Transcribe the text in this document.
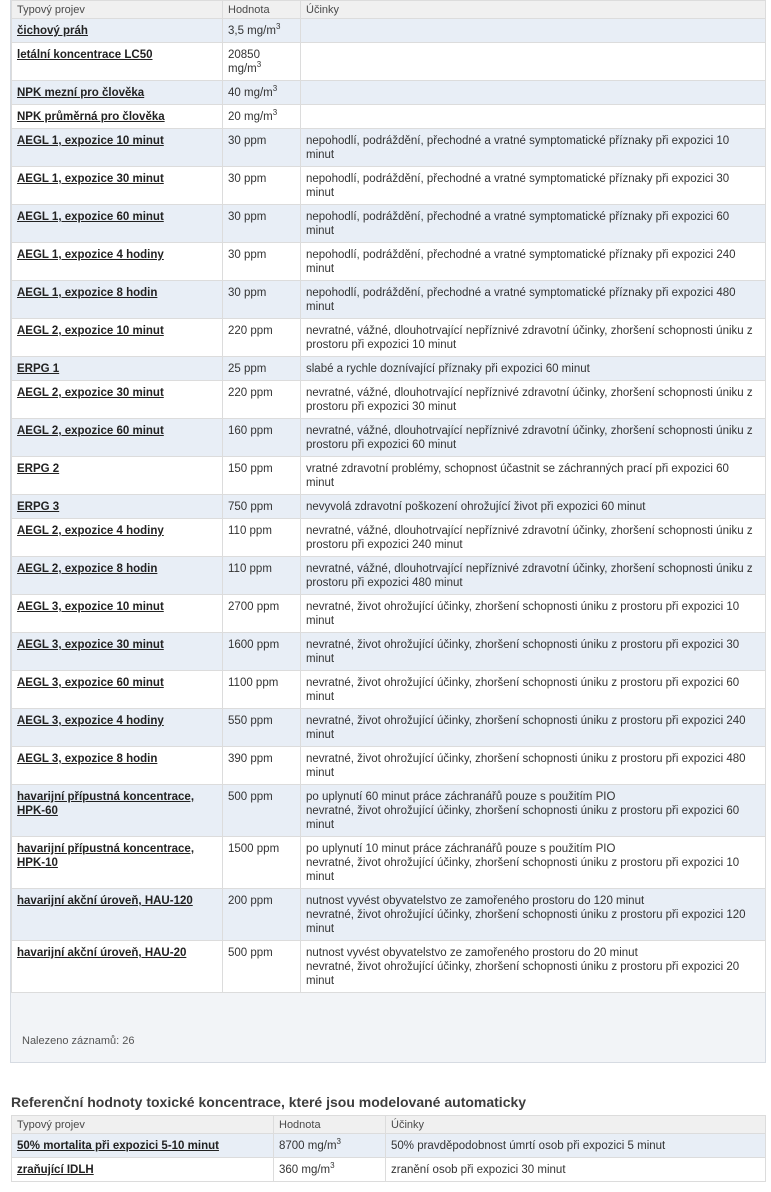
Typový projev	Hodnota	Účinky
čichový práh	3,5 $mg/m^3$	
letální koncentrace LC50	20850 $mg/m^3$	
NPK mezní pro člověka	40 $mg/m^3$	
NPK průměrná pro člověka	20 $mg/m^3$	
AEGL 1, expozice 10 minut	30 ppm	nepohodlí, podráždění, přechodné a vratné symptomatické příznaky při expozici 10 minut

AEGL 1, expozice 30 minut	30 ppm	nepohodlí, podráždění, přechodné a vratné symptomatické příznaky při expozici 30 minut

AEGL 1, expozice 60 minut	30 ppm	nepohodlí, podráždění, přechodné a vratné symptomatické příznaky při expozici 60 minut

AEGL 1, expozice 4 hodiny	30 ppm	nepohodlí, podráždění, přechodné a vratné symptomatické příznaky při expozici 240 minut

AEGL 1, expozice 8 hodin	30 ppm	nepohodlí, podráždění, přechodné a vratné symptomatické příznaky při expozici 480 minut

AEGL 2, expozice 10 minut	220 ppm	nevratné, vážné, dlouhotrvající nepříznivé zdravotní účinky, zhoršení schopnosti úniku z prostoru při expozici 10 minut

ERPG 1	25 ppm	slabé a rychle doznívající příznaky při expozici 60 minut

AEGL 2, expozice 30 minut	220 ppm	nevratné, vážné, dlouhotrvající nepříznivé zdravotní účinky, zhoršení schopnosti úniku z prostoru při expozici 30 minut

AEGL 2, expozice 60 minut	160 ppm	nevratné, vážné, dlouhotrvající nepříznivé zdravotní účinky, zhoršení schopnosti úniku z prostoru při expozici 60 minut

ERPG 2	150 ppm	vratné zdravotní problémy, schopnost účastnit se záchranných prací při expozici 60 minut

ERPG 3	750 ppm	nevyvolá zdravotní poškození ohrožující život při expozici 60 minut

AEGL 2, expozice 4 hodiny	110 ppm	nevratné, vážné, dlouhotrvající nepříznivé zdravotní účinky, zhoršení schopnosti úniku z prostoru při expozici 240 minut

AEGL 2, expozice 8 hodin	110 ppm	nevratné, vážné, dlouhotrvající nepříznivé zdravotní účinky, zhoršení schopnosti úniku z prostoru při expozici 480 minut

AEGL 3, expozice 10 minut	2700 ppm	nevratné, život ohrožující účinky, zhoršení schopnosti úniku z prostoru při expozici 10 minut

AEGL 3, expozice 30 minut	1600 ppm	nevratné, život ohrožující účinky, zhoršení schopnosti úniku z prostoru při expozici 30 minut

AEGL 3, expozice 60 minut	1100 ppm	nevratné, život ohrožující účinky, zhoršení schopnosti úniku z prostoru při expozici 60 minut

AEGL 3, expozice 4 hodiny	550 ppm	nevratné, život ohrožující účinky, zhoršení schopnosti úniku z prostoru při expozici 240 minut

AEGL 3, expozice 8 hodin	390 ppm	nevratné, život ohrožující účinky, zhoršení schopnosti úniku z prostoru při expozici 480 minut

havarijní přípustná koncentrace, HPK-60	500 ppm	po uplynutí 60 minut práce záchranářů pouze s použitím PIO
nevratné, život ohrožující účinky, zhoršení schopnosti úniku z prostoru při expozici 60 minut

havarijní přípustná koncentrace, HPK-10	1500 ppm	po uplynutí 10 minut práce záchranářů pouze s použitím PIO
nevratné, život ohrožující účinky, zhoršení schopnosti úniku z prostoru při expozici 10 minut

havarijní akční úroveň, HAU-120	200 ppm	nutnost vyvést obyvatelstvo ze zamořeného prostoru do 120 minut
nevratné, život ohrožující účinky, zhoršení schopnosti úniku z prostoru při expozici 120 minut

havarijní akční úroveň, HAU-20	500 ppm	nutnost vyvést obyvatelstvo ze zamořeného prostoru do 20 minut
nevratné, život ohrožující účinky, zhoršení schopnosti úniku z prostoru při expozici 20 minut
Nalezeno záznamů: 26
Referenční hodnoty toxické koncentrace, které jsou modelované automaticky
Typový projev	Hodnota	Účinky
50% mortalita při expozici 5-10 minut	8700 $mg/m^3$	50% pravděpodobnost úmrtí osob při expozici 5 minut

zraňující IDLH	360 $mg/m^3$	zranění osob při expozici 30 minut
